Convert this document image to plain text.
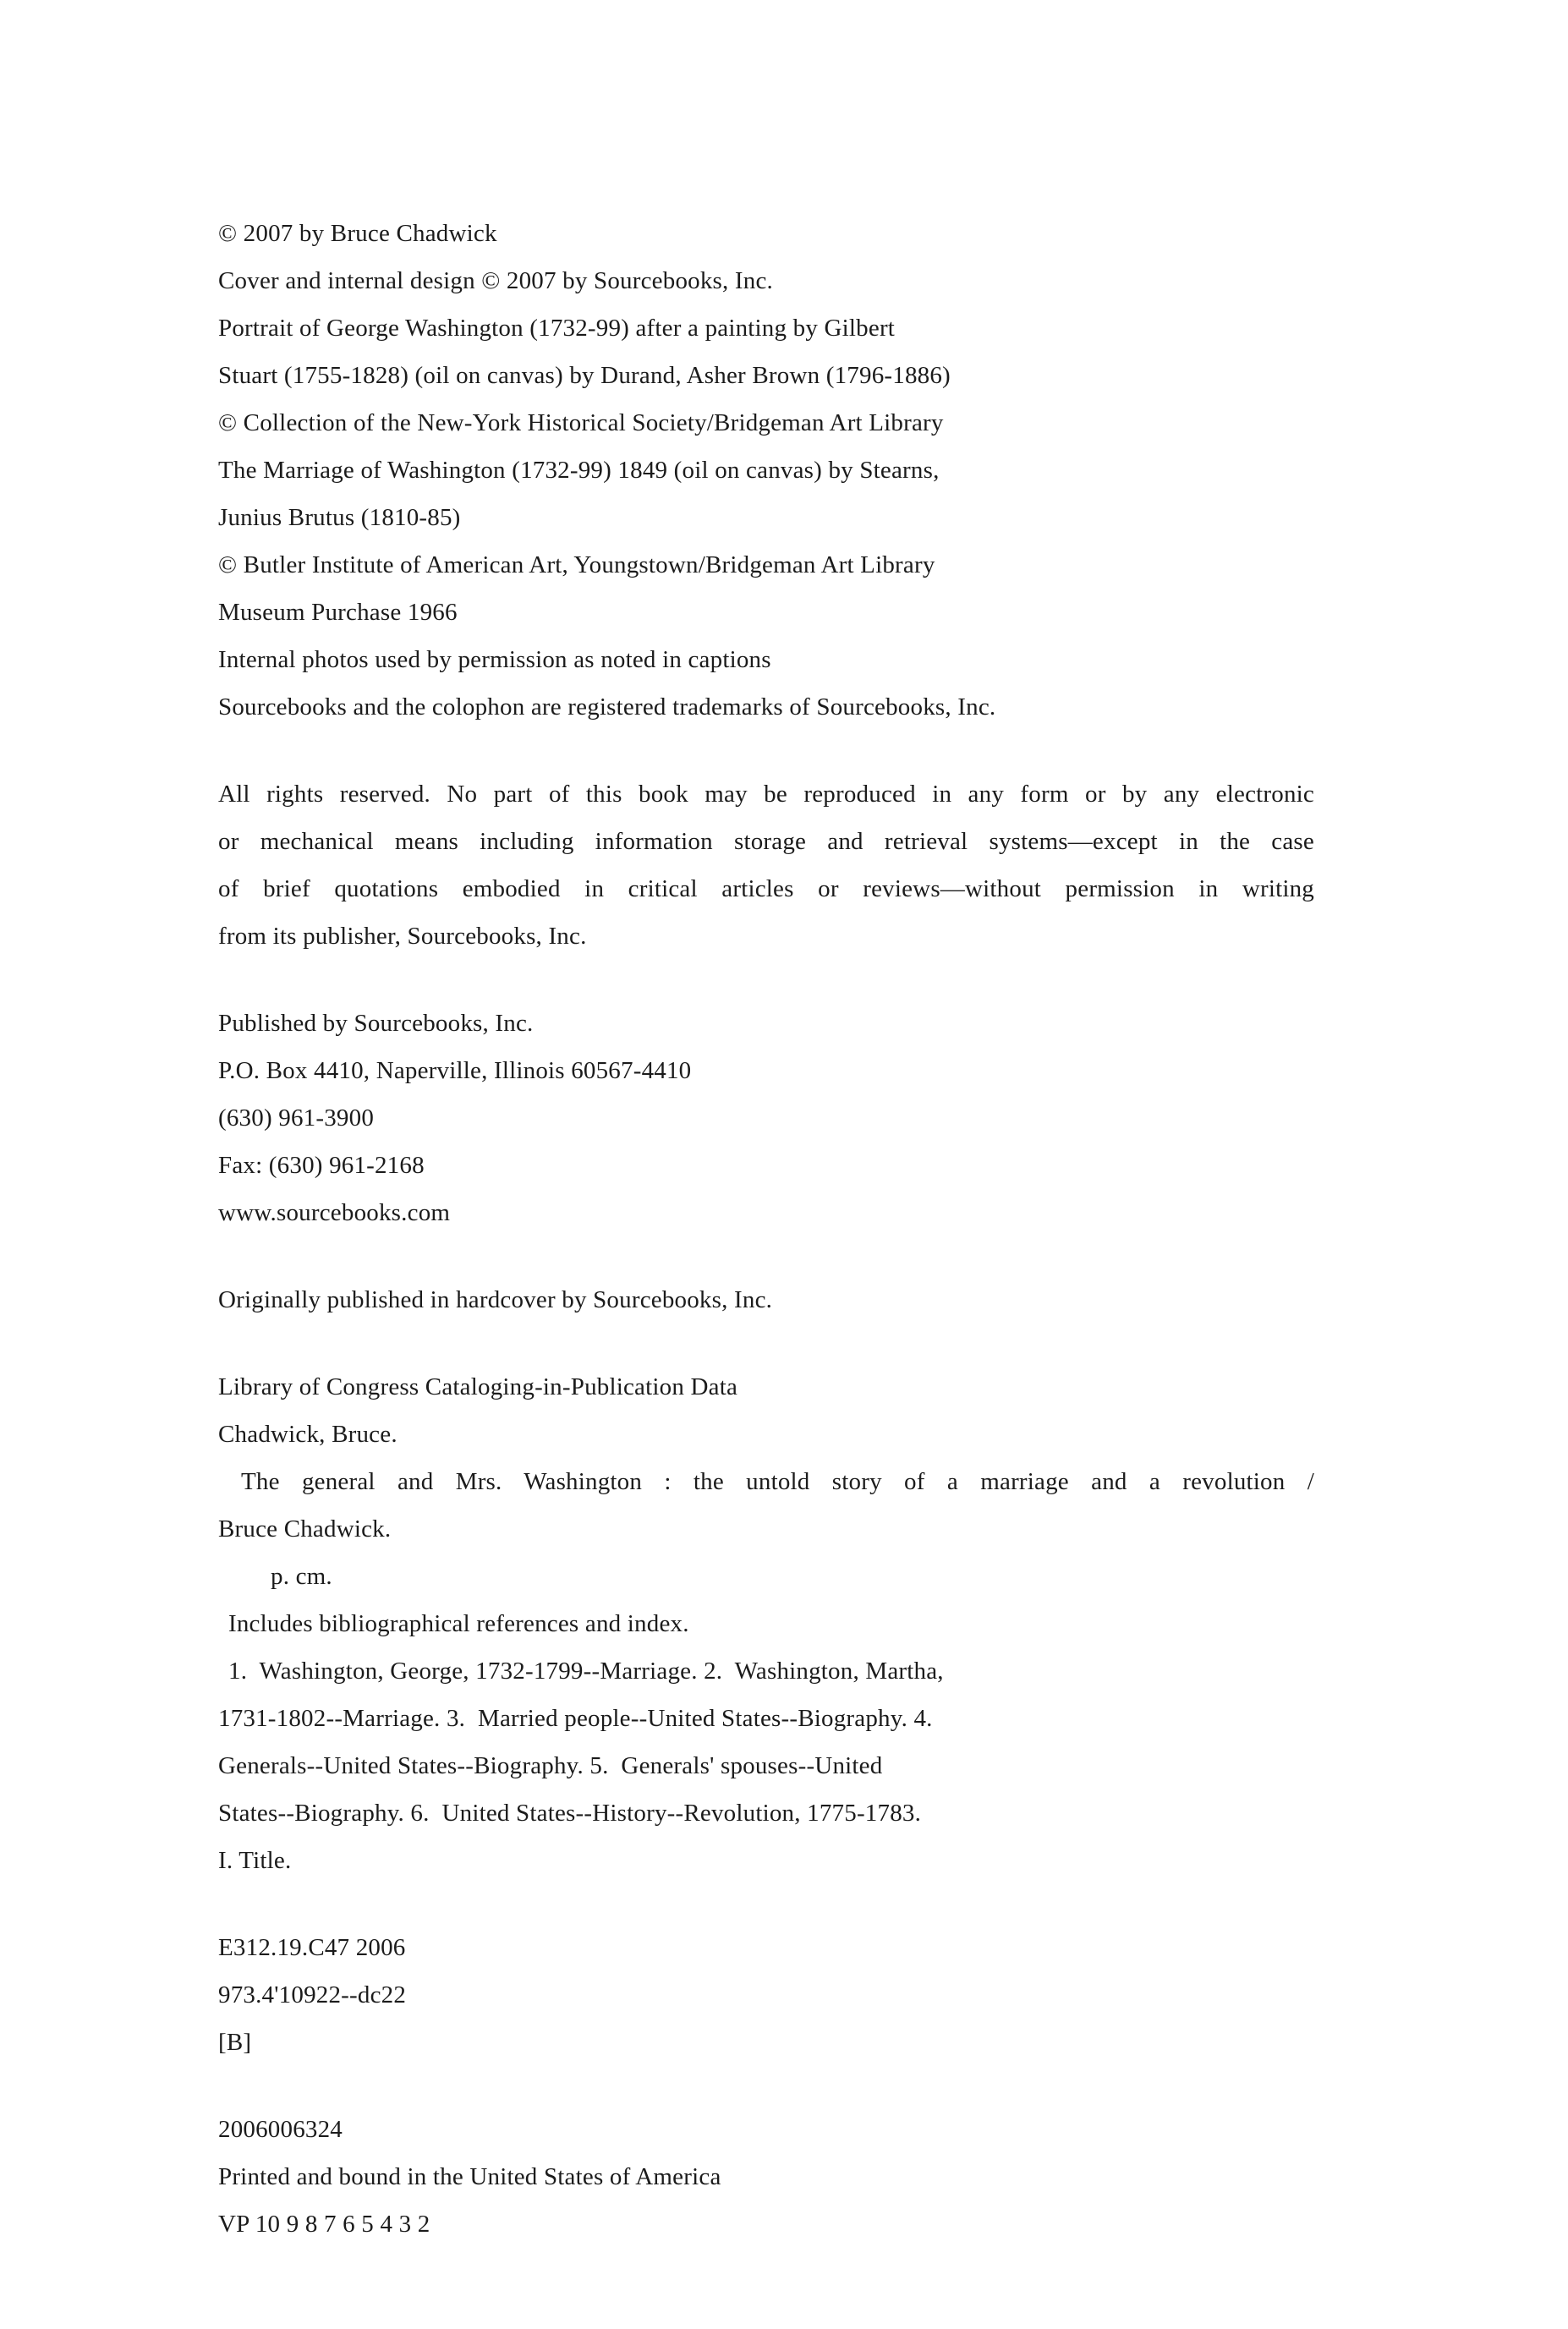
© 2007 by Bruce Chadwick
Cover and internal design © 2007 by Sourcebooks, Inc.
Portrait of George Washington (1732-99) after a painting by Gilbert
Stuart (1755-1828) (oil on canvas) by Durand, Asher Brown (1796-1886)
© Collection of the New-York Historical Society/Bridgeman Art Library
The Marriage of Washington (1732-99) 1849 (oil on canvas) by Stearns,
Junius Brutus (1810-85)
© Butler Institute of American Art, Youngstown/Bridgeman Art Library
Museum Purchase 1966
Internal photos used by permission as noted in captions
Sourcebooks and the colophon are registered trademarks of Sourcebooks, Inc.
All rights reserved. No part of this book may be reproduced in any form or by any electronic
or mechanical means including information storage and retrieval systems—except in the case
of brief quotations embodied in critical articles or reviews—without permission in writing
from its publisher, Sourcebooks, Inc.
Published by Sourcebooks, Inc.
P.O. Box 4410, Naperville, Illinois 60567-4410
(630) 961-3900
Fax: (630) 961-2168
www.sourcebooks.com
Originally published in hardcover by Sourcebooks, Inc.
Library of Congress Cataloging-in-Publication Data
Chadwick, Bruce.
The general and Mrs. Washington : the untold story of a marriage and a revolution /
Bruce Chadwick.
p. cm.
Includes bibliographical references and index.
1.  Washington, George, 1732-1799--Marriage. 2.  Washington, Martha,
1731-1802--Marriage. 3.  Married people--United States--Biography. 4.
Generals--United States--Biography. 5.  Generals' spouses--United
States--Biography. 6.  United States--History--Revolution, 1775-1783.
I. Title.
E312.19.C47 2006
973.4'10922--dc22
[B]
2006006324
Printed and bound in the United States of America
VP 10 9 8 7 6 5 4 3 2
